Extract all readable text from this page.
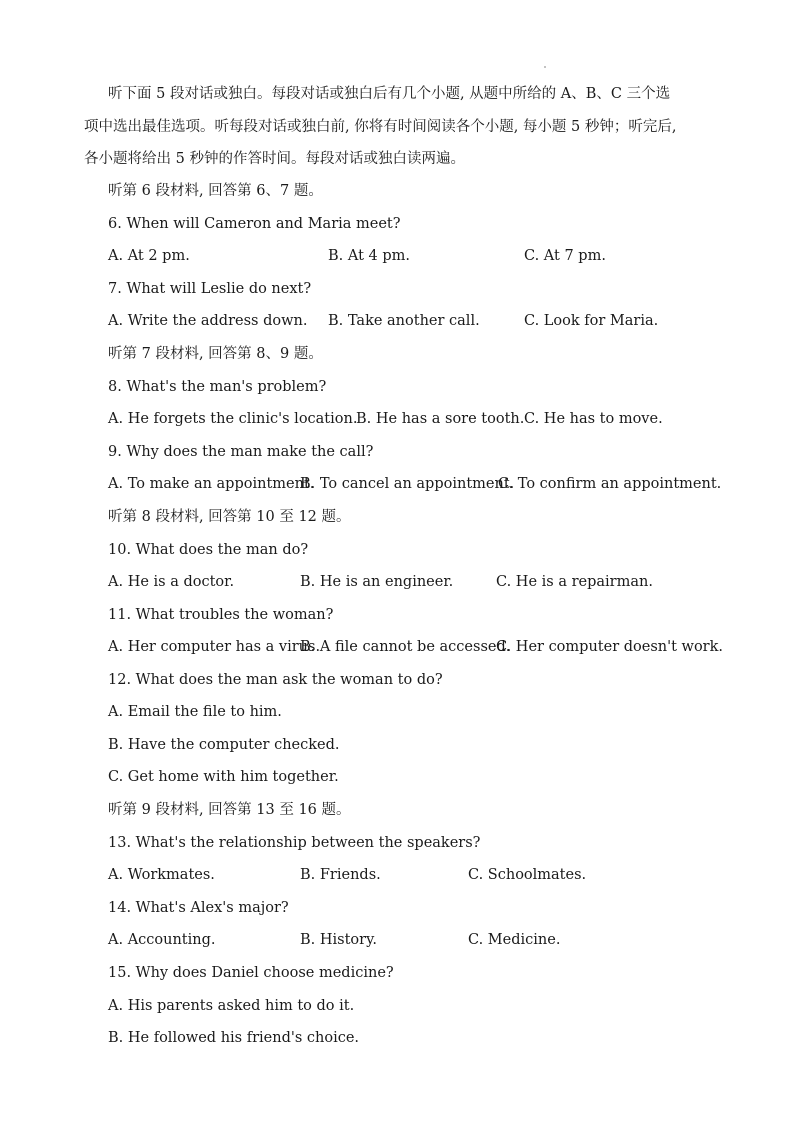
听下面 5 段对话或独白。每段对话或独白后有几个小题, 从题中所给的 A、B、C 三个选
项中选出最佳选项。听每段对话或独白前, 你将有时间阅读各个小题, 每小题 5 秒钟；听完后,
各小题将给出 5 秒钟的作答时间。每段对话或独白读两遍。
听第 6 段材料, 回答第 6、7 题。
6. When will Cameron and Maria meet?
A. At 2 pm.	B. At 4 pm.	C. At 7 pm.
7. What will Leslie do next?
A. Write the address down. B. Take another call.	C. Look for Maria.
听第 7 段材料, 回答第 8、9 题。
8. What's the man's problem?
A. He forgets the clinic's location.
B. He has a sore tooth. C. He has to move.
9. Why does the man make the call?
A. To make an appointment.
B. To cancel an appointment.
C. To confirm an appointment.
听第 8 段材料, 回答第 10 至 12 题。
10. What does the man do?
A. He is a doctor.	B. He is an engineer.	C. He is a repairman.
11. What troubles the woman?
A. Her computer has a virus.
B. A file cannot be accessed.
C. Her computer doesn't work.
12. What does the man ask the woman to do?
A. Email the file to him.
B. Have the computer checked.
C. Get home with him together.
听第 9 段材料, 回答第 13 至 16 题。
13. What's the relationship between the speakers?
A. Workmates.	B. Friends.	C. Schoolmates.
14. What's Alex's major?
A. Accounting.	B. History.	C. Medicine.
15. Why does Daniel choose medicine?
A. His parents asked him to do it.
B. He followed his friend's choice.
